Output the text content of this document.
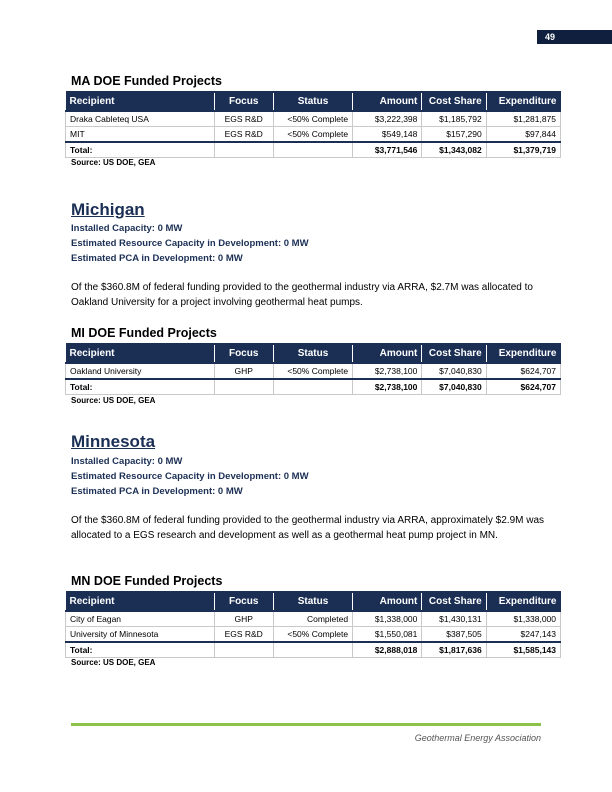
49
MA DOE Funded Projects
Recipient	Focus	Status	Amount	Cost Share	Expenditure
Draka Cableteq USA	EGS R&D	<50% Complete	$3,222,398	$1,185,792	$1,281,875
MIT	EGS R&D	<50% Complete	$549,148	$157,290	$97,844
Total:			$3,771,546	$1,343,082	$1,379,719
Source: US DOE, GEA
Michigan
Installed Capacity: 0 MW
Estimated Resource Capacity in Development: 0 MW
Estimated PCA in Development: 0 MW
Of the $360.8M of federal funding provided to the geothermal industry via ARRA, $2.7M was allocated to Oakland University for a project involving geothermal heat pumps.
MI DOE Funded Projects
Recipient	Focus	Status	Amount	Cost Share	Expenditure
Oakland University	GHP	<50% Complete	$2,738,100	$7,040,830	$624,707
Total:			$2,738,100	$7,040,830	$624,707
Source: US DOE, GEA
Minnesota
Installed Capacity: 0 MW
Estimated Resource Capacity in Development: 0 MW
Estimated PCA in Development: 0 MW
Of the $360.8M of federal funding provided to the geothermal industry via ARRA, approximately $2.9M was allocated to a EGS research and development as well as a geothermal heat pump project in MN.
MN DOE Funded Projects
Recipient	Focus	Status	Amount	Cost Share	Expenditure
City of Eagan	GHP	Completed	$1,338,000	$1,430,131	$1,338,000
University of Minnesota	EGS R&D	<50% Complete	$1,550,081	$387,505	$247,143
Total:			$2,888,018	$1,817,636	$1,585,143
Source: US DOE, GEA
Geothermal Energy Association
